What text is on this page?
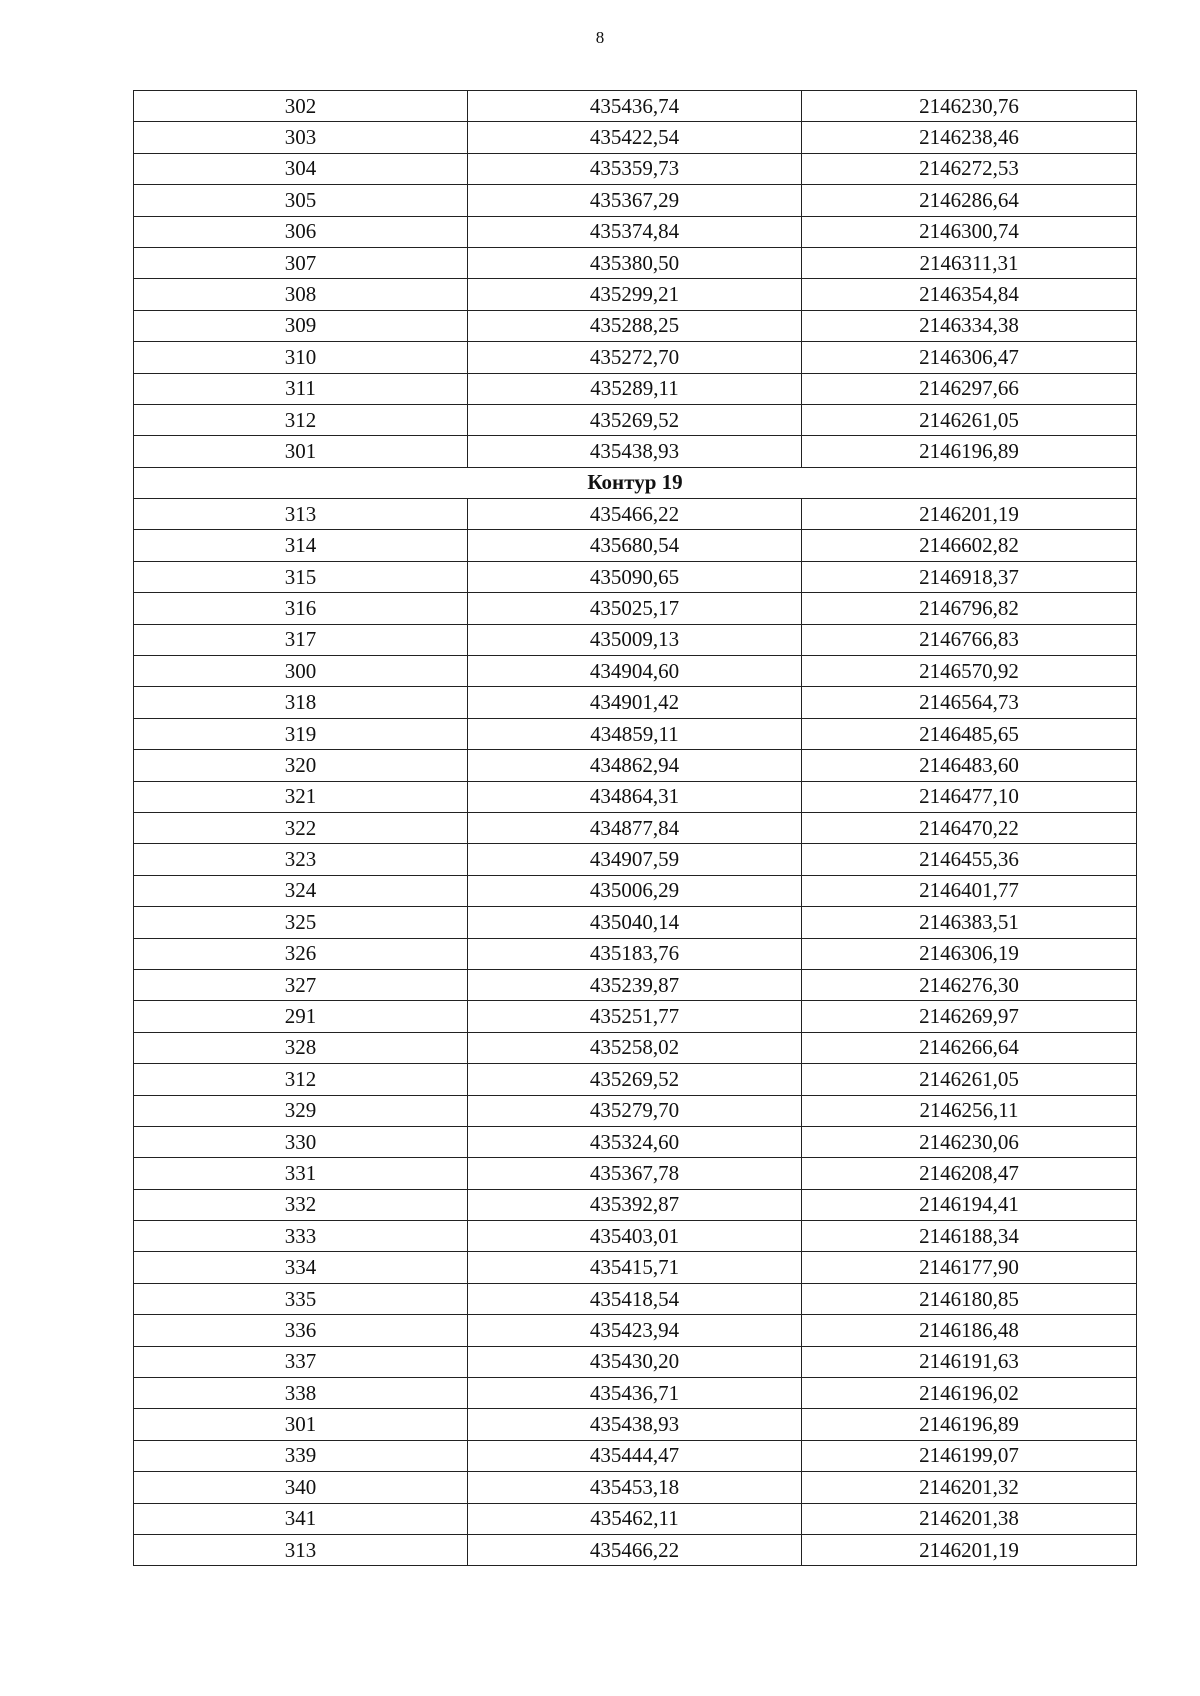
8
302	435436,74	2146230,76
303	435422,54	2146238,46
304	435359,73	2146272,53
305	435367,29	2146286,64
306	435374,84	2146300,74
307	435380,50	2146311,31
308	435299,21	2146354,84
309	435288,25	2146334,38
310	435272,70	2146306,47
311	435289,11	2146297,66
312	435269,52	2146261,05
301	435438,93	2146196,89
Контур 19		
313	435466,22	2146201,19
314	435680,54	2146602,82
315	435090,65	2146918,37
316	435025,17	2146796,82
317	435009,13	2146766,83
300	434904,60	2146570,92
318	434901,42	2146564,73
319	434859,11	2146485,65
320	434862,94	2146483,60
321	434864,31	2146477,10
322	434877,84	2146470,22
323	434907,59	2146455,36
324	435006,29	2146401,77
325	435040,14	2146383,51
326	435183,76	2146306,19
327	435239,87	2146276,30
291	435251,77	2146269,97
328	435258,02	2146266,64
312	435269,52	2146261,05
329	435279,70	2146256,11
330	435324,60	2146230,06
331	435367,78	2146208,47
332	435392,87	2146194,41
333	435403,01	2146188,34
334	435415,71	2146177,90
335	435418,54	2146180,85
336	435423,94	2146186,48
337	435430,20	2146191,63
338	435436,71	2146196,02
301	435438,93	2146196,89
339	435444,47	2146199,07
340	435453,18	2146201,32
341	435462,11	2146201,38
313	435466,22	2146201,19
